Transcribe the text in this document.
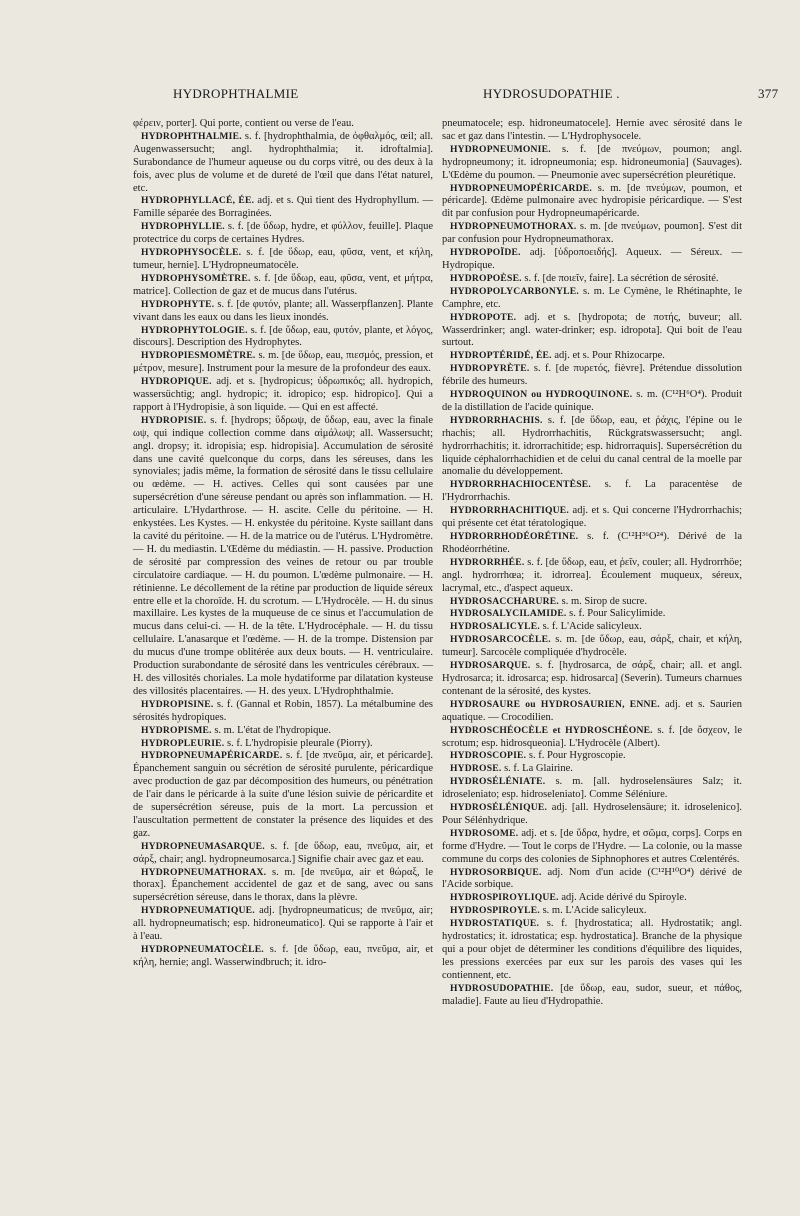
HYDROPHTHALMIE	HYDROSUDOPATHIE .	377

φέρειν, porter]. Qui porte, contient ou verse de l'eau.

HYDROPHTHALMIE. s. f. [hydrophthalmia, de ὀφθαλμός, œil; all. Augenwassersucht; angl. hydrophthalmia; it. idroftalmia]. Surabondance de l'humeur aqueuse ou du corps vitré, ou des deux à la fois, avec plus de volume et de dureté de l'œil que dans l'état naturel, etc.

HYDROPHYLLACÉ, ÉE. adj. et s. Qui tient des Hydrophyllum. — Famille séparée des Borraginées.

HYDROPHYLLIE. s. f. [de ὕδωρ, hydre, et φύλλον, feuille]. Plaque protectrice du corps de certaines Hydres.

HYDROPHYSOCÈLE. s. f. [de ὕδωρ, eau, φῦσα, vent, et κήλη, tumeur, hernie]. L'Hydropneumatocèle.

HYDROPHYSOMÈTRE. s. f. [de ὕδωρ, eau, φῦσα, vent, et μήτρα, matrice]. Collection de gaz et de mucus dans l'utérus.

HYDROPHYTE. s. f. [de φυτόν, plante; all. Wasserpflanzen]. Plante vivant dans les eaux ou dans les lieux inondés.

HYDROPHYTOLOGIE. s. f. [de ὕδωρ, eau, φυτόν, plante, et λόγος, discours]. Description des Hydrophytes.

HYDROPIESMOMÈTRE. s. m. [de ὕδωρ, eau, πιεσμός, pression, et μέτρον, mesure]. Instrument pour la mesure de la profondeur des eaux.

HYDROPIQUE. adj. et s. [hydropicus; ὑδρωπικός; all. hydropich, wassersüchtig; angl. hydropic; it. idropico; esp. hidropico]. Qui a rapport à l'Hydropisie, à son liquide. — Qui en est affecté.

HYDROPISIE. s. f. [hydrops; ὕδρωψ, de ὕδωρ, eau, avec la finale ωψ, qui indique collection comme dans αἱμάλωψ; all. Wassersucht; angl. dropsy; it. idropisia; esp. hidropisia]. Accumulation de sérosité dans une cavité quelconque du corps, dans les séreuses, dans les synoviales; jadis même, la formation de sérosité dans le tissu cellulaire ou œdème. — H. actives. Celles qui sont causées par une supersécrétion d'une séreuse pendant ou après son inflammation. — H. articulaire. L'Hydarthrose. — H. ascite. Celle du péritoine. — H. enkystées. Les Kystes. — H. enkystée du péritoine. Kyste saillant dans la cavité du péritoine. — H. de la matrice ou de l'utérus. L'Hydromètre. — H. du mediastin. L'Œdème du médiastin. — H. passive. Production de sérosité par compression des veines de retour ou par trouble circulatoire cardiaque. — H. du poumon. L'œdème pulmonaire. — H. rétinienne. Le décollement de la rétine par production de liquide séreux entre elle et la choroïde. H. du scrotum. — L'Hydrocèle. — H. du sinus maxillaire. Les kystes de la muqueuse de ce sinus et l'accumulation de mucus dans celui-ci. — H. de la tête. L'Hydrocéphale. — H. du tissu cellulaire. L'anasarque et l'œdème. — H. de la trompe. Distension par du mucus d'une trompe oblitérée aux deux bouts. — H. ventriculaire. Production surabondante de sérosité dans les ventricules cérébraux. — H. des villosités choriales. La mole hydatiforme par dilatation kysteuse des villosités placentaires. — H. des yeux. L'Hydrophthalmie.

HYDROPISINE. s. f. (Gannal et Robin, 1857). La métalbumine des sérosités hydropiques.

HYDROPISME. s. m. L'état de l'hydropique.

HYDROPLEURIE. s. f. L'hydropisie pleurale (Piorry).

HYDROPNEUMAPÉRICARDE. s. f. [de πνεῦμα, air, et péricarde]. Épanchement sanguin ou sécrétion de sérosité purulente, péricardique avec production de gaz par décomposition des humeurs, ou pénétration de l'air dans le péricarde à la suite d'une lésion suivie de péricardite et de supersécrétion séreuse, puis de la mort. La percussion et l'auscultation permettent de constater la présence des liquides et des gaz.

HYDROPNEUMASARQUE. s. f. [de ὕδωρ, eau, πνεῦμα, air, et σάρξ, chair; angl. hydropneumosarca.] Signifie chair avec gaz et eau.

HYDROPNEUMATHORAX. s. m. [de πνεῦμα, air et θώραξ, le thorax]. Épanchement accidentel de gaz et de sang, avec ou sans supersécrétion séreuse, dans le thorax, dans la plèvre.

HYDROPNEUMATIQUE. adj. [hydropneumaticus; de πνεῦμα, air; all. hydropneumatisch; esp. hidroneumatico]. Qui se rapporte à l'air et à l'eau.

HYDROPNEUMATOCÈLE. s. f. [de ὕδωρ, eau, πνεῦμα, air, et κήλη, hernie; angl. Wasserwindbruch; it. idro-

pneumatocele; esp. hidroneumatocele]. Hernie avec sérosité dans le sac et gaz dans l'intestin. — L'Hydrophysocele.

HYDROPNEUMONIE. s. f. [de πνεύμων, poumon; angl. hydropneumony; it. idropneumonia; esp. hidroneumonia] (Sauvages). L'Œdème du poumon. — Pneumonie avec supersécrétion pleurétique.

HYDROPNEUMOPÉRICARDE. s. m. [de πνεύμων, poumon, et péricarde]. Œdème pulmonaire avec hydropisie péricardique. — S'est dit par confusion pour Hydropneumapéricarde.

HYDROPNEUMOTHORAX. s. m. [de πνεύμων, poumon]. S'est dit par confusion pour Hydropneumathorax.

HYDROPOÏDE. adj. [ὑδροποειδής]. Aqueux. — Séreux. — Hydropique.

HYDROPOÈSE. s. f. [de ποιεῖν, faire]. La sécrétion de sérosité.

HYDROPOLYCARBONYLE. s. m. Le Cymène, le Rhétinaphte, le Camphre, etc.

HYDROPOTE. adj. et s. [hydropota; de ποτής, buveur; all. Wasserdrinker; angl. water-drinker; esp. idropota]. Qui boit de l'eau surtout.

HYDROPTÉRIDÉ, ÉE. adj. et s. Pour Rhizocarpe.

HYDROPYRÈTE. s. f. [de πυρετός, fièvre]. Prétendue dissolution fébrile des humeurs.

HYDROQUINON ou HYDROQUINONE. s. m. (C¹²H⁶O⁴). Produit de la distillation de l'acide quinique.

HYDRORRHACHIS. s. f. [de ὕδωρ, eau, et ῥάχις, l'épine ou le rhachis; all. Hydrorrhachitis, Rückgratswassersucht; angl. hydrorrhachitis; it. idrorrachitide; esp. hidrorraquis]. Supersécrétion du liquide céphalorrhachidien et de celui du canal central de la moelle par anomalie du développement.

HYDRORRHACHIOCENTÈSE. s. f. La paracentèse de l'Hydrorrhachis.

HYDRORRHACHITIQUE. adj. et s. Qui concerne l'Hydrorrhachis; qui présente cet état tératologique.

HYDRORRHODÉORÉTINE. s. f. (C¹²H³⁶O²⁴). Dérivé de la Rhodéorrhétine.

HYDRORRHÉE. s. f. [de ὕδωρ, eau, et ῥεῖν, couler; all. Hydrorrhöe; angl. hydrorrhœa; it. idrorrea]. Écoulement muqueux, séreux, lacrymal, etc., d'aspect aqueux.

HYDROSACCHARURE. s. m. Sirop de sucre.

HYDROSALYCILAMIDE. s. f. Pour Salicylimide.

HYDROSALICYLE. s. f. L'Acide salicyleux.

HYDROSARCOCÈLE. s. m. [de ὕδωρ, eau, σάρξ, chair, et κήλη, tumeur]. Sarcocèle compliquée d'hydrocèle.

HYDROSARQUE. s. f. [hydrosarca, de σάρξ, chair; all. et angl. Hydrosarca; it. idrosarca; esp. hidrosarca] (Severin). Tumeurs charnues contenant de la sérosité, des kystes.

HYDROSAURE ou HYDROSAURIEN, ENNE. adj. et s. Saurien aquatique. — Crocodilien.

HYDROSCHÉOCÈLE et HYDROSCHÉONE. s. f. [de ὄσχεον, le scrotum; esp. hidrosqueonia]. L'Hydrocèle (Albert).

HYDROSCOPIE. s. f. Pour Hygroscopie.

HYDROSE. s. f. La Glairine.

HYDROSÉLÉNIATE. s. m. [all. hydroselensäures Salz; it. idroseleniato; esp. hidroseleniato]. Comme Séléniure.

HYDROSÉLÉNIQUE. adj. [all. Hydroselensäure; it. idroselenico]. Pour Sélénhydrique.

HYDROSOME. adj. et s. [de ὕδρα, hydre, et σῶμα, corps]. Corps en forme d'Hydre. — Tout le corps de l'Hydre. — La colonie, ou la masse commune du corps des colonies de Siphnophores et autres Cœlentérés.

HYDROSORBIQUE. adj. Nom d'un acide (C¹²H¹⁰O⁴) dérivé de l'Acide sorbique.

HYDROSPIROYLIQUE. adj. Acide dérivé du Spiroyle.

HYDROSPIROYLE. s. m. L'Acide salicyleux.

HYDROSTATIQUE. s. f. [hydrostatica; all. Hydrostatik; angl. hydrostatics; it. idrostatica; esp. hydrostatica]. Branche de la physique qui a pour objet de déterminer les conditions d'équilibre des liquides, les pressions exercées par eux sur les parois des vases qui les contiennent, etc.

HYDROSUDOPATHIE. [de ὕδωρ, eau, sudor, sueur, et πάθος, maladie]. Faute au lieu d'Hydropathie.
